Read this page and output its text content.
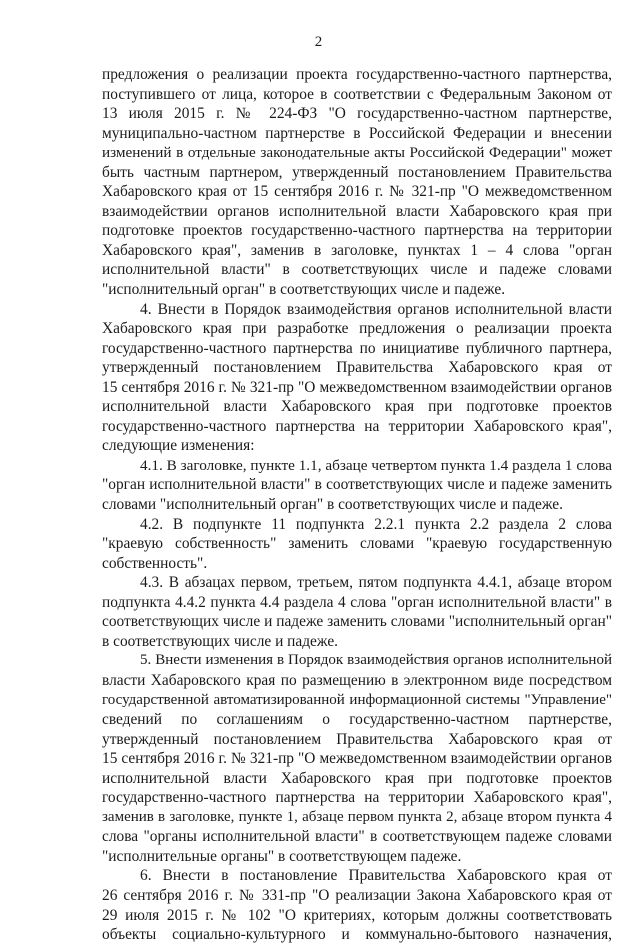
2
предложения о реализации проекта государственно-частного партнерства,
поступившего от лица, которое в соответствии с Федеральным Законом от
13 июля 2015 г. № 224-ФЗ "О государственно-частном партнерстве,
муниципально-частном партнерстве в Российской Федерации и внесении
изменений в отдельные законодательные акты Российской Федерации" может
быть частным партнером, утвержденный постановлением Правительства
Хабаровского края от 15 сентября 2016 г. № 321-пр "О межведомственном
взаимодействии органов исполнительной власти Хабаровского края при
подготовке проектов государственно-частного партнерства на территории
Хабаровского края", заменив в заголовке, пунктах 1 – 4 слова "орган
исполнительной власти" в соответствующих числе и падеже словами
"исполнительный орган" в соответствующих числе и падеже.
4. Внести в Порядок взаимодействия органов исполнительной власти
Хабаровского края при разработке предложения о реализации проекта
государственно-частного партнерства по инициативе публичного партнера,
утвержденный постановлением Правительства Хабаровского края от
15 сентября 2016 г. № 321-пр "О межведомственном взаимодействии органов
исполнительной власти Хабаровского края при подготовке проектов
государственно-частного партнерства на территории Хабаровского края",
следующие изменения:
4.1. В заголовке, пункте 1.1, абзаце четвертом пункта 1.4 раздела 1 слова
"орган исполнительной власти" в соответствующих числе и падеже заменить
словами "исполнительный орган" в соответствующих числе и падеже.
4.2. В подпункте 11 подпункта 2.2.1 пункта 2.2 раздела 2 слова
"краевую собственность" заменить словами "краевую государственную
собственность".
4.3. В абзацах первом, третьем, пятом подпункта 4.4.1, абзаце втором
подпункта 4.4.2 пункта 4.4 раздела 4 слова "орган исполнительной власти" в
соответствующих числе и падеже заменить словами "исполнительный орган"
в соответствующих числе и падеже.
5. Внести изменения в Порядок взаимодействия органов исполнительной
власти Хабаровского края по размещению в электронном виде посредством
государственной автоматизированной информационной системы "Управление"
сведений по соглашениям о государственно-частном партнерстве,
утвержденный постановлением Правительства Хабаровского края от
15 сентября 2016 г. № 321-пр "О межведомственном взаимодействии органов
исполнительной власти Хабаровского края при подготовке проектов
государственно-частного партнерства на территории Хабаровского края",
заменив в заголовке, пункте 1, абзаце первом пункта 2, абзаце втором пункта 4
слова "органы исполнительной власти" в соответствующем падеже словами
"исполнительные органы" в соответствующем падеже.
6. Внести в постановление Правительства Хабаровского края от
26 сентября 2016 г. № 331-пр "О реализации Закона Хабаровского края от
29 июля 2015 г. № 102 "О критериях, которым должны соответствовать
объекты социально-культурного и коммунально-бытового назначения,
